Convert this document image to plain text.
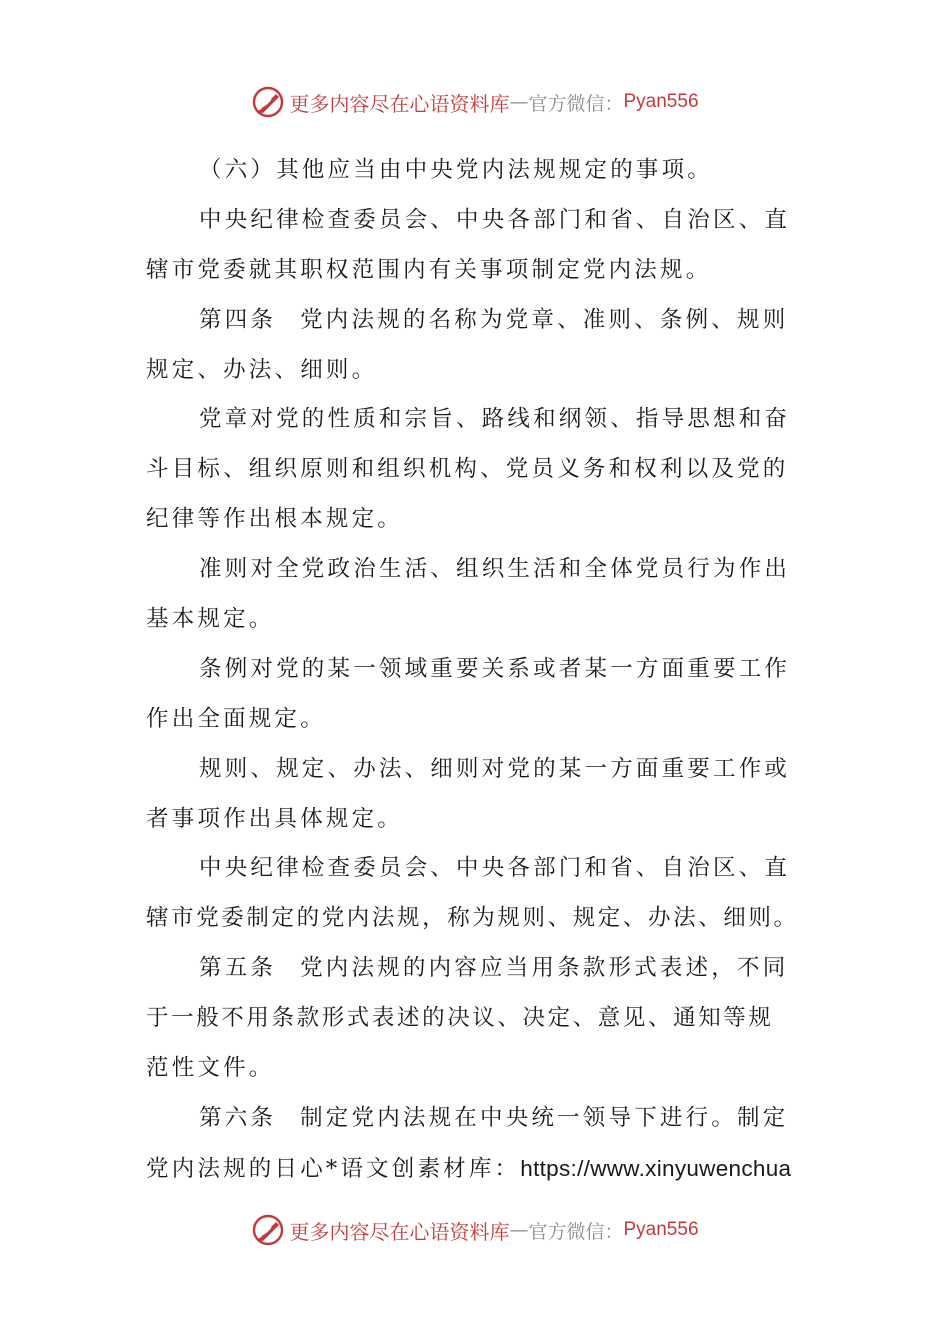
更多内容尽在心语资料库 — 官方微信： Pyan556
（六）其他应当由中央党内法规规定的事项。
中央纪律检查委员会、中央各部门和省、自治区、直
辖市党委就其职权范围内有关事项制定党内法规。
第四条 党内法规的名称为党章、准则、条例、规则
规定、办法、细则。
党章对党的性质和宗旨、路线和纲领、指导思想和奋
斗目标、组织原则和组织机构、党员义务和权利以及党的
纪律等作出根本规定。
准则对全党政治生活、组织生活和全体党员行为作出
基本规定。
条例对党的某一领域重要关系或者某一方面重要工作
作出全面规定。
规则、规定、办法、细则对党的某一方面重要工作或
者事项作出具体规定。
中央纪律检查委员会、中央各部门和省、自治区、直
辖市党委制定的党内法规，称为规则、规定、办法、细则。
第五条 党内法规的内容应当用条款形式表述，不同
于一般不用条款形式表述的决议、决定、意见、通知等规
范性文件。
第六条 制定党内法规在中央统一领导下进行。制定
党内法规的日心*语文创素材库：https://www.xinyuwenchua
更多内容尽在心语资料库 — 官方微信： Pyan556
